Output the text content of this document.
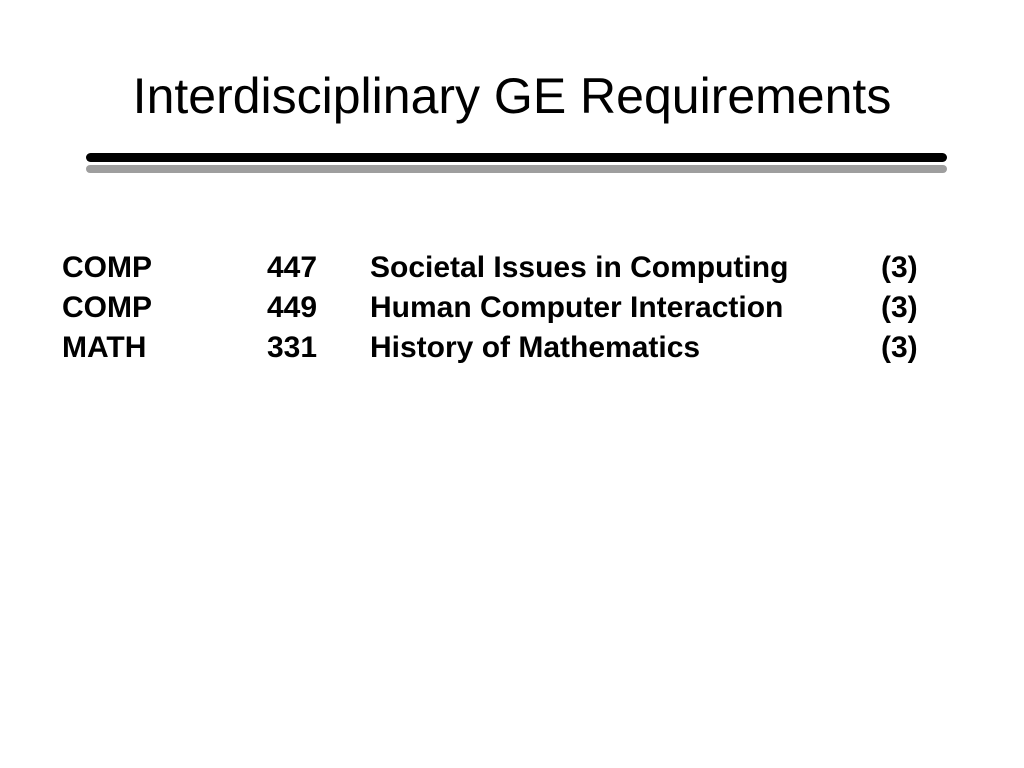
Interdisciplinary GE Requirements
COMP	447 Societal Issues in Computing	(3)
COMP	449 Human Computer Interaction	(3)
MATH	331 History of Mathematics	(3)
